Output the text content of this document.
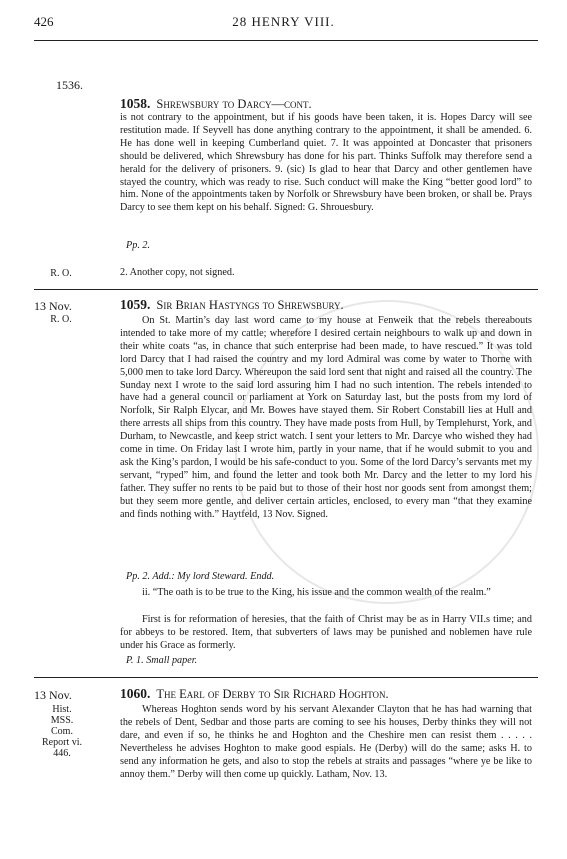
426	28 HENRY VIII.
1536.
1058. Shrewsbury to Darcy—cont.

is not contrary to the appointment, but if his goods have been taken, it is. Hopes Darcy will see restitution made. If Seyvell has done anything contrary to the appointment, it shall be amended. 6. He has done well in keeping Cumberland quiet. 7. It was appointed at Doncaster that prisoners should be delivered, which Shrewsbury has done for his part. Thinks Suffolk may therefore send a herald for the delivery of prisoners. 9. (sic) Is glad to hear that Darcy and other gentlemen have stayed the country, which was ready to rise. Such conduct will make the King “better good lord” to him. None of the appointments taken by Norfolk or Shrewsbury have been broken, or shall be. Prays Darcy to see them kept on his behalf. Signed: G. Shrouesbury.

Pp. 2.
R. O.	2. Another copy, not signed.
13 Nov.
R. O.
1059. Sir Brian Hastyngs to Shrewsbury.

On St. Martin’s day last word came to my house at Fenweik that the rebels thereabouts intended to take more of my cattle; wherefore I desired certain neighbours to walk up and down in their white coats “as, in chance that such enterprise had been made, to have rescued.” It was told lord Darcy that I had raised the country and my lord Admiral was come by water to Thorne with 5,000 men to take lord Darcy. Whereupon the said lord sent that night and raised all the country. The Sunday next I wrote to the said lord assuring him I had no such intention. The rebels intended to have had a general council or parliament at York on Saturday last, but the posts from my lord of Norfolk, Sir Ralph Elycar, and Mr. Bowes have stayed them. Sir Robert Constabill lies at Hull and there arrests all ships from this country. They have made posts from Hull, by Templehurst, York, and Durham, to Newcastle, and keep strict watch. I sent your letters to Mr. Darcye who wished they had come in time. On Friday last I wrote him, partly in your name, that if he would submit to you and ask the King’s pardon, I would be his safe-conduct to you. Some of the lord Darcy’s servants met my servant, “ryped” him, and found the letter and took both Mr. Darcy and the letter to my lord his father. They suffer no rents to be paid but to those of their host nor goods sent from amongst them; but they seem more gentle, and deliver certain articles, enclosed, to every man “that they examine and finds nothing with.” Haytfeld, 13 Nov. Signed.

Pp. 2. Add.: My lord Steward. Endd.

ii. “The oath is to be true to the King, his issue and the common wealth of the realm.”

First is for reformation of heresies, that the faith of Christ may be as in Harry VII.s time; and for abbeys to be restored. Item, that subverters of laws may be punished and noblemen have rule under his Grace as formerly.

P. 1. Small paper.
13 Nov.
Hist. MSS.
Com.
Report vi.
446.
1060. The Earl of Derby to Sir Richard Hoghton.

Whereas Hoghton sends word by his servant Alexander Clayton that he has had warning that the rebels of Dent, Sedbar and those parts are coming to see his houses, Derby thinks they will not dare, and even if so, he thinks he and Hoghton and the Cheshire men can resist them . . . . . Nevertheless he advises Hoghton to make good espials. He (Derby) will do the same; asks H. to send any information he gets, and also to stop the rebels at straits and passages “where ye be like to annoy them.” Derby will then come up quickly. Latham, Nov. 13.
